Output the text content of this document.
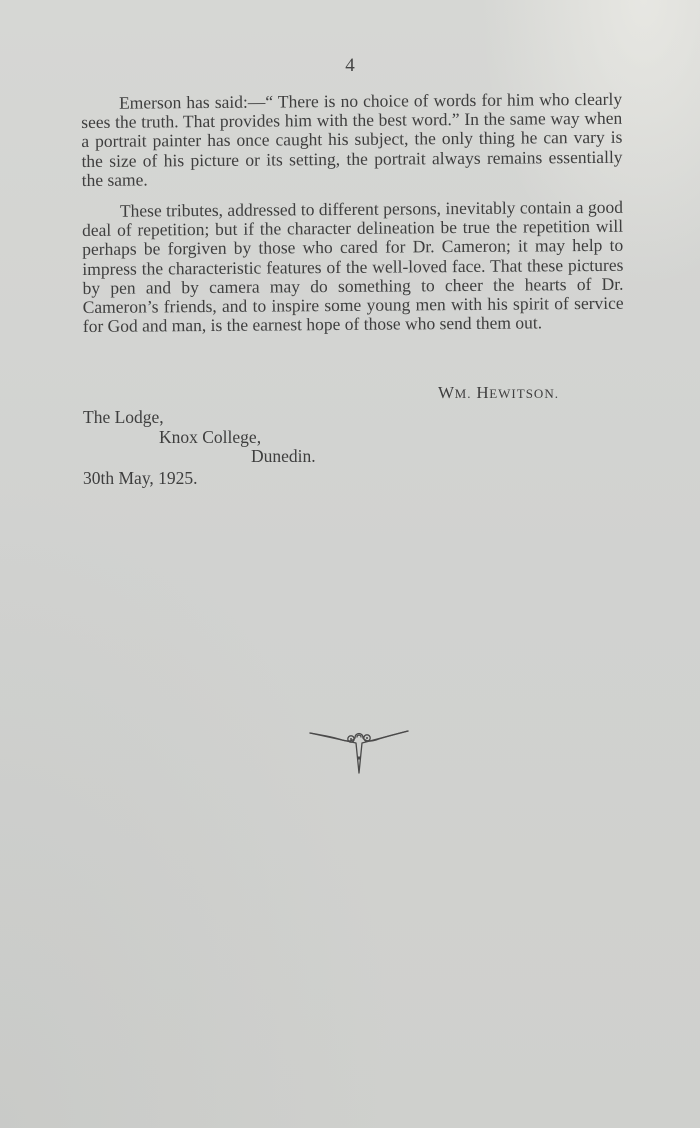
4

Emerson has said:—“ There is no choice of words for him who clearly sees the truth. That provides him with the best word.” In the same way when a portrait painter has once caught his subject, the only thing he can vary is the size of his picture or its setting, the portrait always remains essentially the same.

These tributes, addressed to different persons, inevitably contain a good deal of repetition; but if the character delineation be true the repetition will perhaps be forgiven by those who cared for Dr. Cameron; it may help to impress the characteristic features of the well-loved face. That these pictures by pen and by camera may do something to cheer the hearts of Dr. Cameron’s friends, and to inspire some young men with his spirit of service for God and man, is the earnest hope of those who send them out.

WM. HEWITSON.
The Lodge,
Knox College,
Dunedin.
30th May, 1925.
